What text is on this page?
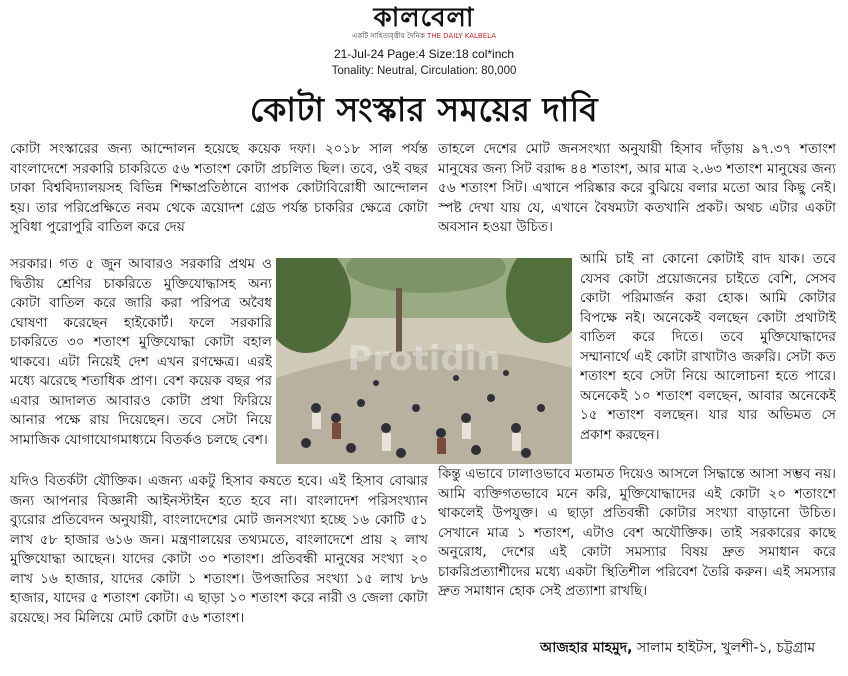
কালবেলা
একটি সাহিত্যবৃত্তীয় দৈনিক THE DAILY KALBELA
21-Jul-24 Page:4 Size:18 col*inch
Tonality: Neutral, Circulation: 80,000
কোটা সংস্কার সময়ের দাবি

কোটা সংস্কারের জন্য আন্দোলন হয়েছে কয়েক দফা। ২০১৮ সাল পর্যন্ত বাংলাদেশে সরকারি চাকরিতে ৫৬ শতাংশ কোটা প্রচলিত ছিল। তবে, ওই বছর ঢাকা বিশ্ববিদ্যালয়সহ বিভিন্ন শিক্ষাপ্রতিষ্ঠানে ব্যাপক কোটাবিরোধী আন্দোলন হয়। তার পরিপ্রেক্ষিতে নবম থেকে ত্রয়োদশ গ্রেড পর্যন্ত চাকরির ক্ষেত্রে কোটা সুবিধা পুরোপুরি বাতিল করে দেয়

সরকার। গত ৫ জুন আবারও সরকারি প্রথম ও দ্বিতীয় শ্রেণির চাকরিতে মুক্তিযোদ্ধাসহ অন্য কোটা বাতিল করে জারি করা পরিপত্র অবৈধ ঘোষণা করেছেন হাইকোর্ট। ফলে সরকারি চাকরিতে ৩০ শতাংশ মুক্তিযোদ্ধা কোটা বহাল থাকবে। এটা নিয়েই দেশ এখন রণক্ষেত্র। এরই মধ্যে ঝরেছে শতাধিক প্রাণ। বেশ কয়েক বছর পর এবার আদালত আবারও কোটা প্রথা ফিরিয়ে আনার পক্ষে রায় দিয়েছেন। তবে সেটা নিয়ে সামাজিক যোগাযোগমাধ্যমে বিতর্কও চলছে বেশ।

যদিও বিতর্কটা যৌক্তিক। এজন্য একটু হিসাব কষতে হবে। এই হিসাব বোঝার জন্য আপনার বিজ্ঞানী আইনস্টাইন হতে হবে না। বাংলাদেশ পরিসংখ্যান ব্যুরোর প্রতিবেদন অনুযায়ী, বাংলাদেশের মোট জনসংখ্যা হচ্ছে ১৬ কোটি ৫১ লাখ ৫৮ হাজার ৬১৬ জন। মন্ত্রণালয়ের তথ্যমতে, বাংলাদেশে প্রায় ২ লাখ মুক্তিযোদ্ধা আছেন। যাদের কোটা ৩০ শতাংশ। প্রতিবন্ধী মানুষের সংখ্যা ২০ লাখ ১৬ হাজার, যাদের কোটা ১ শতাংশ। উপজাতির সংখ্যা ১৫ লাখ ৮৬ হাজার, যাদের ৫ শতাংশ কোটা। এ ছাড়া ১০ শতাংশ করে নারী ও জেলা কোটা রয়েছে। সব মিলিয়ে মোট কোটা ৫৬ শতাংশ।

তাহলে দেশের মোট জনসংখ্যা অনুযায়ী হিসাব দাঁড়ায় ৯৭.৩৭ শতাংশ মানুষের জন্য সিট বরাদ্দ ৪৪ শতাংশ, আর মাত্র ২.৬৩ শতাংশ মানুষের জন্য ৫৬ শতাংশ সিট। এখানে পরিষ্কার করে বুঝিয়ে বলার মতো আর কিছু নেই। স্পষ্ট দেখা যায় যে, এখানে বৈষম্যটা কতখানি প্রকট। অথচ এটার একটা অবসান হওয়া উচিত।

আমি চাই না কোনো কোটাই বাদ যাক। তবে যেসব কোটা প্রয়োজনের চাইতে বেশি, সেসব কোটা পরিমার্জন করা হোক। আমি কোটার বিপক্ষে নই। অনেকেই বলছেন কোটা প্রথাটাই বাতিল করে দিতে। তবে মুক্তিযোদ্ধাদের সম্মানার্থে এই কোটা রাখাটাও জরুরি। সেটা কত শতাংশ হবে সেটা নিয়ে আলোচনা হতে পারে। অনেকেই ১০ শতাংশ বলছেন, আবার অনেকেই ১৫ শতাংশ বলছেন। যার যার অভিমত সে প্রকাশ করছেন।

কিন্তু এভাবে ঢালাওভাবে মতামত দিয়েও আসলে সিদ্ধান্তে আসা সম্ভব নয়। আমি ব্যক্তিগতভাবে মনে করি, মুক্তিযোদ্ধাদের এই কোটা ২০ শতাংশে থাকলেই উপযুক্ত। এ ছাড়া প্রতিবন্ধী কোটার সংখ্যা বাড়ানো উচিত। সেখানে মাত্র ১ শতাংশ, এটাও বেশ অযৌক্তিক। তাই সরকারের কাছে অনুরোধ, দেশের এই কোটা সমস্যার বিষয় দ্রুত সমাধান করে চাকরিপ্রত্যাশীদের মধ্যে একটা স্থিতিশীল পরিবেশ তৈরি করুন। এই সমস্যার দ্রুত সমাধান হোক সেই প্রত্যাশা রাখছি।

Protidin
আজহার মাহমুদ, সালাম হাইটস, খুলশী-১, চট্টগ্রাম
